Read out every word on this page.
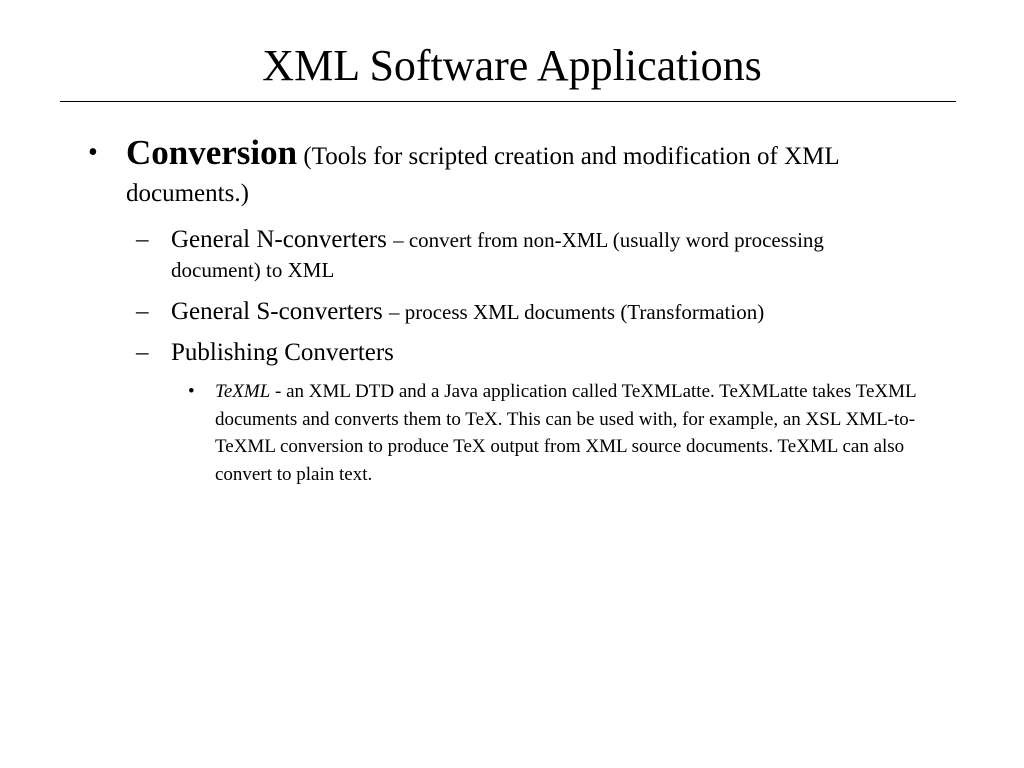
XML Software Applications
• Conversion (Tools for scripted creation and modification of XML documents.)
– General N-converters – convert from non-XML (usually word processing document) to XML
– General S-converters – process XML documents (Transformation)
– Publishing Converters
• TeXML - an XML DTD and a Java application called TeXMLatte. TeXMLatte takes TeXML documents and converts them to TeX. This can be used with, for example, an XSL XML-to-TeXML conversion to produce TeX output from XML source documents. TeXML can also convert to plain text.
